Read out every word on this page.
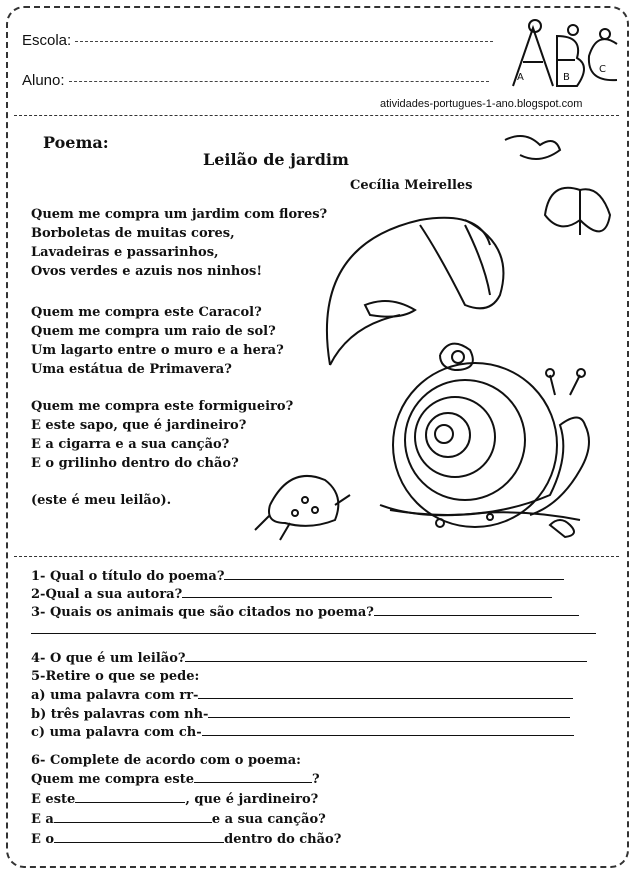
Escola:
Aluno:	A	B
C
atividades-portugues-1-ano.blogspot.com
Poema:
Leilão de jardim
Cecília Meirelles
Quem me compra um jardim com flores?
Borboletas de muitas cores,
Lavadeiras e passarinhos,
Ovos verdes e azuis nos ninhos!
Quem me compra este Caracol?
Quem me compra um raio de sol?
Um lagarto entre o muro e a hera?
Uma estátua de Primavera?
Quem me compra este formigueiro?
E este sapo, que é jardineiro?
E a cigarra e a sua canção?
E o grilinho dentro do chão?
(este é meu leilão).
1- Qual o título do poema?
2-Qual a sua autora?
3- Quais os animais que são citados no poema?
4- O que é um leilão?
5-Retire o que se pede:
a) uma palavra com rr-
b) três palavras com nh-
c) uma palavra com ch-
6- Complete de acordo com o poema:
Quem me compra este	?
E este	, que é jardineiro?
E a	e a sua canção?
E o	dentro do chão?
